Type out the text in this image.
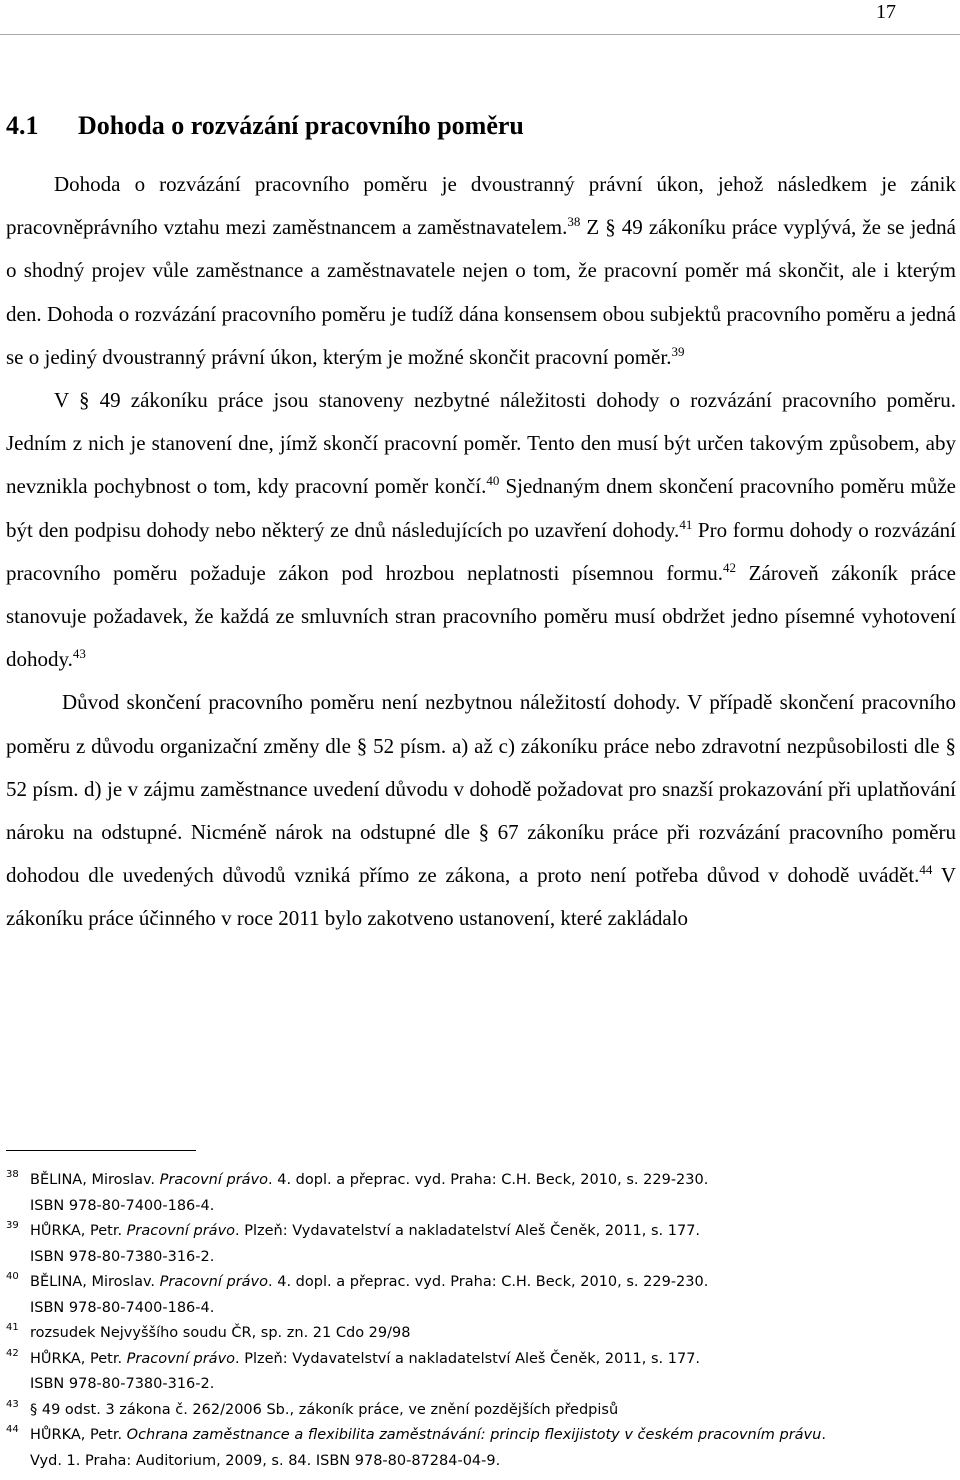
17
4.1 Dohoda o rozvázání pracovního poměru

Dohoda o rozvázání pracovního poměru je dvoustranný právní úkon, jehož následkem je zánik pracovněprávního vztahu mezi zaměstnancem a zaměstnavatelem.$^{38}$ Z § 49 zákoníku práce vyplývá, že se jedná o shodný projev vůle zaměstnance a zaměstnavatele nejen o tom, že pracovní poměr má skončit, ale i kterým den. Dohoda o rozvázání pracovního poměru je tudíž dána konsensem obou subjektů pracovního poměru a jedná se o jediný dvoustranný právní úkon, kterým je možné skončit pracovní poměr.$^{39}$

V § 49 zákoníku práce jsou stanoveny nezbytné náležitosti dohody o rozvázání pracovního poměru. Jedním z nich je stanovení dne, jímž skončí pracovní poměr. Tento den musí být určen takovým způsobem, aby nevznikla pochybnost o tom, kdy pracovní poměr končí.$^{40}$ Sjednaným dnem skončení pracovního poměru může být den podpisu dohody nebo některý ze dnů následujících po uzavření dohody.$^{41}$ Pro formu dohody o rozvázání pracovního poměru požaduje zákon pod hrozbou neplatnosti písemnou formu.$^{42}$ Zároveň zákoník práce stanovuje požadavek, že každá ze smluvních stran pracovního poměru musí obdržet jedno písemné vyhotovení dohody.$^{43}$

Důvod skončení pracovního poměru není nezbytnou náležitostí dohody. V případě skončení pracovního poměru z důvodu organizační změny dle § 52 písm. a) až c) zákoníku práce nebo zdravotní nezpůsobilosti dle § 52 písm. d) je v zájmu zaměstnance uvedení důvodu v dohodě požadovat pro snazší prokazování při uplatňování nároku na odstupné. Nicméně nárok na odstupné dle § 67 zákoníku práce při rozvázání pracovního poměru dohodou dle uvedených důvodů vzniká přímo ze zákona, a proto není potřeba důvod v dohodě uvádět.$^{44}$ V zákoníku práce účinného v roce 2011 bylo zakotveno ustanovení, které zakládalo

38 BĚLINA, Miroslav. Pracovní právo. 4. dopl. a přeprac. vyd. Praha: C.H. Beck, 2010, s. 229-230.
ISBN 978-80-7400-186-4.
39 HŮRKA, Petr. Pracovní právo. Plzeň: Vydavatelství a nakladatelství Aleš Čeněk, 2011, s. 177.
ISBN 978-80-7380-316-2.
40 BĚLINA, Miroslav. Pracovní právo. 4. dopl. a přeprac. vyd. Praha: C.H. Beck, 2010, s. 229-230.
ISBN 978-80-7400-186-4.
41 rozsudek Nejvyššího soudu ČR, sp. zn. 21 Cdo 29/98
42 HŮRKA, Petr. Pracovní právo. Plzeň: Vydavatelství a nakladatelství Aleš Čeněk, 2011, s. 177.
ISBN 978-80-7380-316-2.
43 § 49 odst. 3 zákona č. 262/2006 Sb., zákoník práce, ve znění pozdějších předpisů
44 HŮRKA, Petr. Ochrana zaměstnance a flexibilita zaměstnávání: princip flexijistoty v českém pracovním právu.
Vyd. 1. Praha: Auditorium, 2009, s. 84. ISBN 978-80-87284-04-9.
